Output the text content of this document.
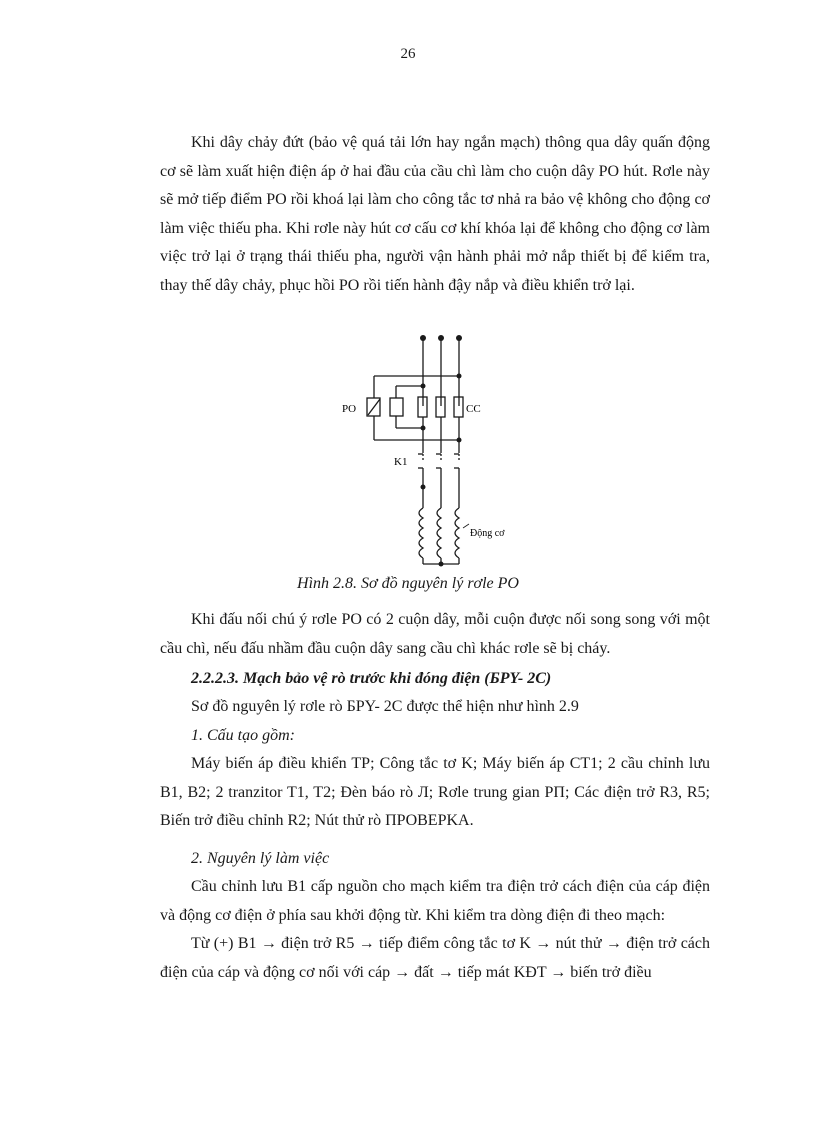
26

Khi dây chảy đứt (bảo vệ quá tải lớn hay ngắn mạch) thông qua dây quấn động cơ sẽ làm xuất hiện điện áp ở hai đầu của cầu chì làm cho cuộn dây PO hút. Rơle này sẽ mở tiếp điểm PO rồi khoá lại làm cho công tắc tơ nhả ra bảo vệ không cho động cơ làm việc thiếu pha. Khi rơle này hút cơ cấu cơ khí khóa lại để không cho động cơ làm việc trở lại ở trạng thái thiếu pha, người vận hành phải mở nắp thiết bị để kiểm tra, thay thế dây chảy, phục hồi PO rồi tiến hành đậy nắp và điều khiển trở lại.

PO	CC
K1
Động cơ
Hình 2.8. Sơ đồ nguyên lý rơle PO

Khi đấu nối chú ý rơle PO có 2 cuộn dây, mỗi cuộn được nối song song với một cầu chì, nếu đấu nhầm đầu cuộn dây sang cầu chì khác rơle sẽ bị cháy.

2.2.2.3. Mạch bảo vệ rò trước khi đóng điện (БPY- 2C)

Sơ đồ nguyên lý rơle rò БPY- 2C được thể hiện như hình 2.9

1. Cấu tạo gồm:

Máy biến áp điều khiển TP; Công tắc tơ K; Máy biến áp CT1; 2 cầu chỉnh lưu B1, B2; 2 tranzitor T1, T2; Đèn báo rò Л; Rơle trung gian PП; Các điện trở R3, R5; Biến trở điều chỉnh R2; Nút thử rò ПPOBEPKA.

2. Nguyên lý làm việc

Cầu chỉnh lưu B1 cấp nguồn cho mạch kiểm tra điện trở cách điện của cáp điện và động cơ điện ở phía sau khởi động từ. Khi kiểm tra dòng điện đi theo mạch:

Từ (+) B1 → điện trở R5 → tiếp điểm công tắc tơ K → nút thử → điện trở cách điện của cáp và động cơ nối với cáp → đất → tiếp mát KĐT → biến trở điều
